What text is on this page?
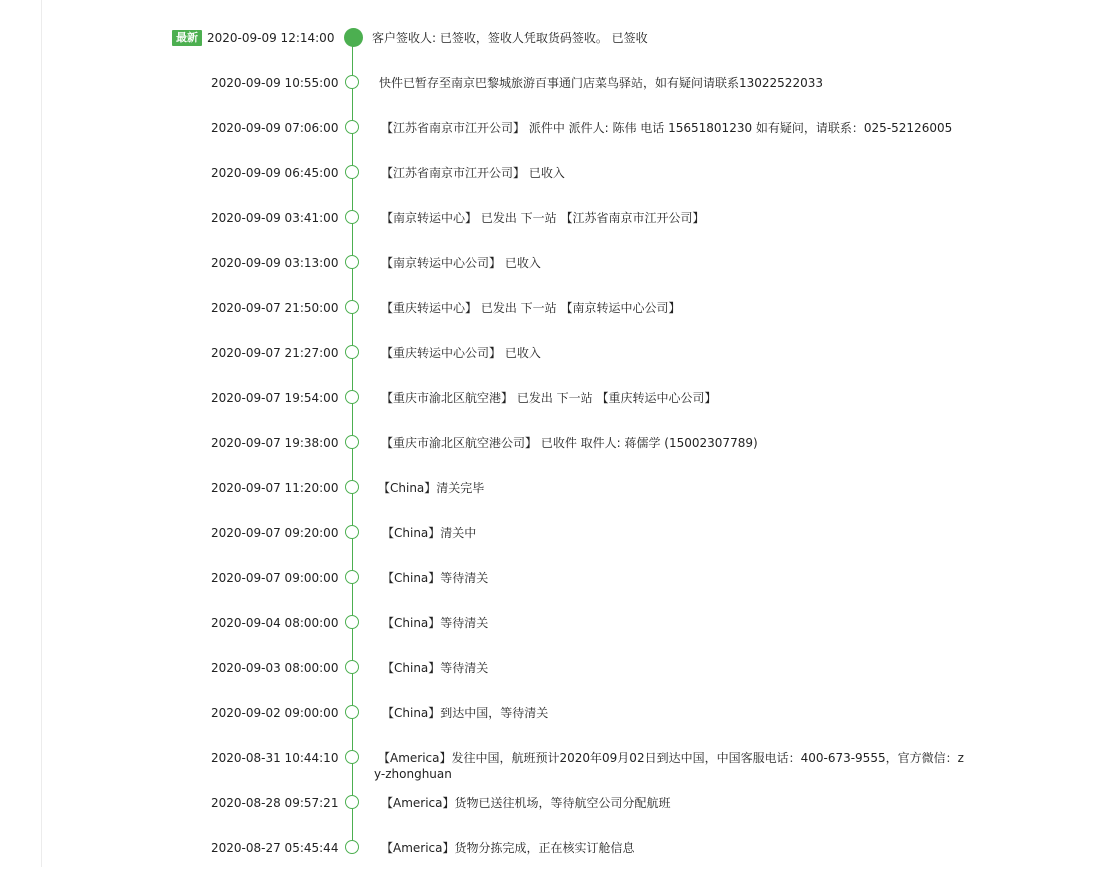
最新 2020-09-09 12:14:00	客户签收人: 已签收，签收人凭取货码签收。 已签收
2020-09-09 10:55:00	快件已暂存至南京巴黎城旅游百事通门店菜鸟驿站，如有疑问请联系13022522033
2020-09-09 07:06:00	【江苏省南京市江开公司】 派件中 派件人: 陈伟 电话 15651801230 如有疑问，请联系：025-52126005
2020-09-09 06:45:00	【江苏省南京市江开公司】 已收入
2020-09-09 03:41:00	【南京转运中心】 已发出 下一站 【江苏省南京市江开公司】
2020-09-09 03:13:00	【南京转运中心公司】 已收入
2020-09-07 21:50:00	【重庆转运中心】 已发出 下一站 【南京转运中心公司】
2020-09-07 21:27:00	【重庆转运中心公司】 已收入
2020-09-07 19:54:00	【重庆市渝北区航空港】 已发出 下一站 【重庆转运中心公司】
2020-09-07 19:38:00	【重庆市渝北区航空港公司】 已收件 取件人: 蒋儒学 (15002307789)
2020-09-07 11:20:00	【China】清关完毕
2020-09-07 09:20:00	【China】清关中
2020-09-07 09:00:00	【China】等待清关
2020-09-04 08:00:00	【China】等待清关
2020-09-03 08:00:00	【China】等待清关
2020-09-02 09:00:00	【China】到达中国，等待清关
2020-08-31 10:44:10	【America】发往中国，航班预计2020年09月02日到达中国，中国客服电话：400-673-9555，官方微信：zy-zhonghuan
2020-08-28 09:57:21	【America】货物已送往机场，等待航空公司分配航班
2020-08-27 05:45:44	【America】货物分拣完成，正在核实订舱信息
